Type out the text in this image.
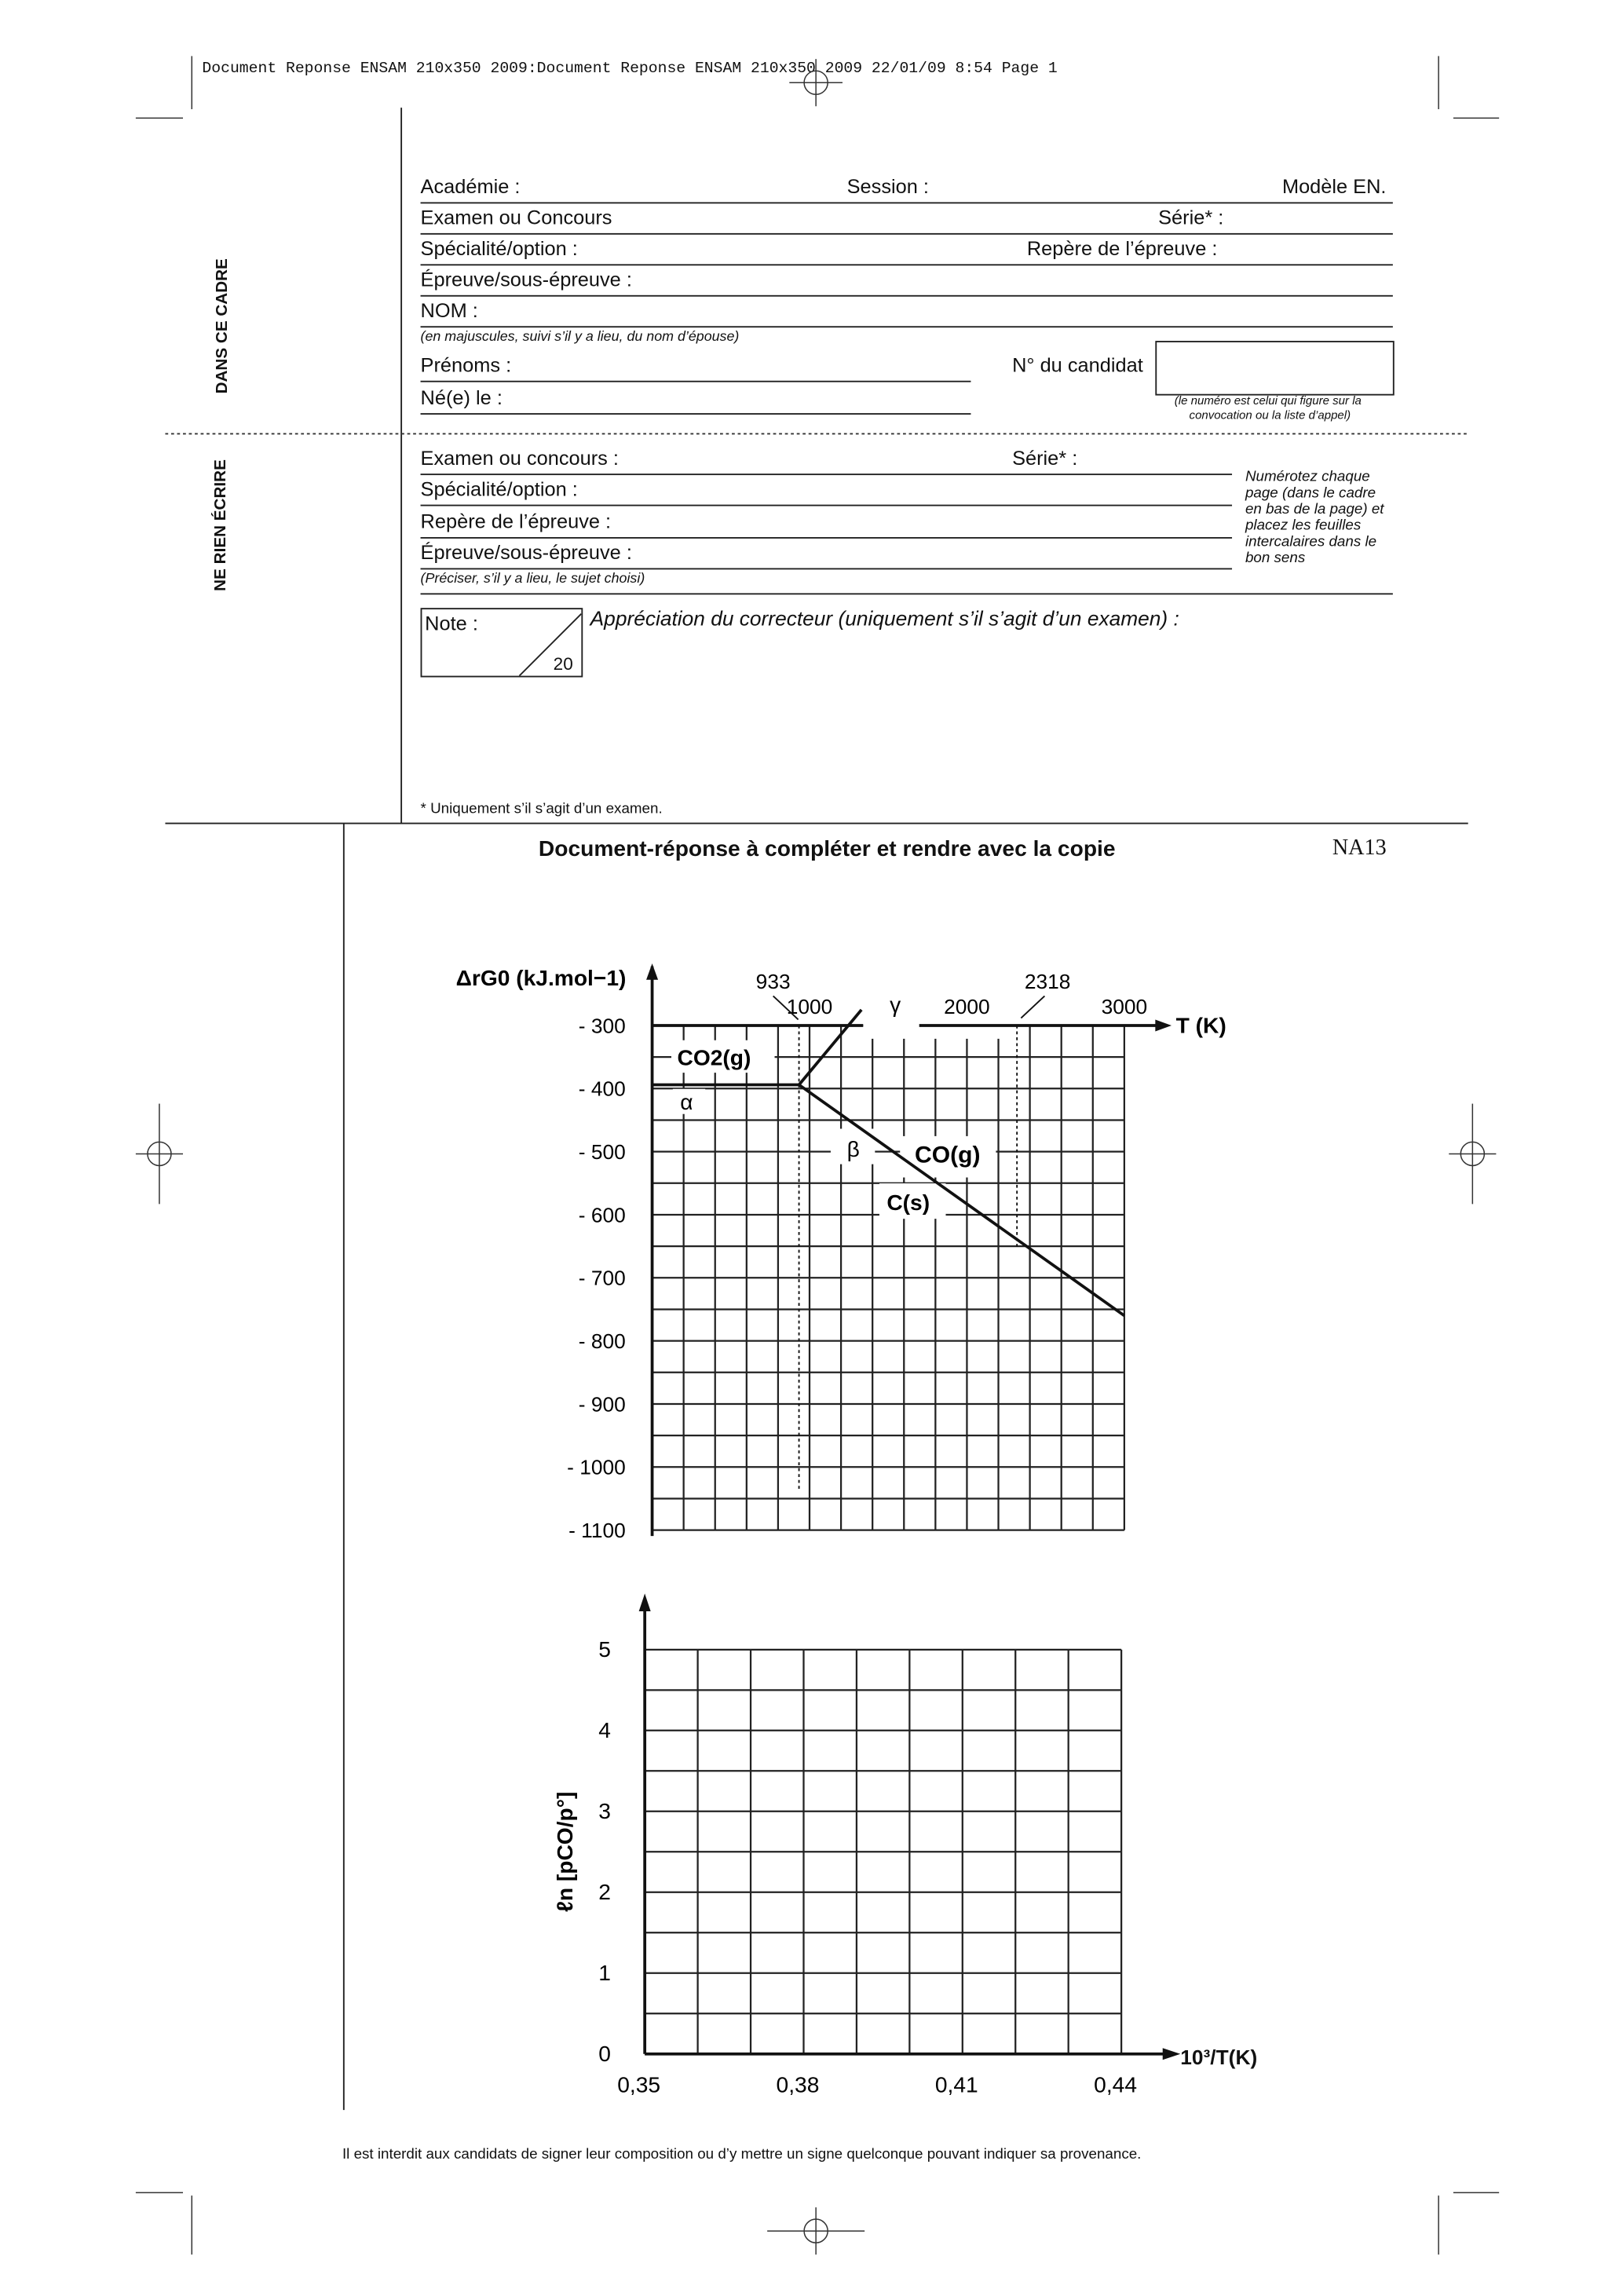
Document Reponse ENSAM 210x350 2009:Document Reponse ENSAM 210x350 2009 22/01/09 8:54 Page 1
DANS CE CADRE
NE RIEN ÉCRIRE
Académie :	Session :	Modèle EN.
Examen ou Concours	Série* :
Spécialité/option :	Repère de l’épreuve :
Épreuve/sous-épreuve :
NOM :
(en majuscules, suivi s’il y a lieu, du nom d’épouse)
Prénoms :
Né(e) le :
N° du candidat
(le numéro est celui qui figure sur la
convocation ou la liste d’appel)
Examen ou concours :	Série* :
Spécialité/option :
Repère de l’épreuve :
Épreuve/sous-épreuve :
(Préciser, s’il y a lieu, le sujet choisi)
Numérotez chaque
page (dans le cadre
en bas de la page) et
placez les feuilles
intercalaires dans le
bon sens
Note :
20
Appréciation du correcteur (uniquement s’il s’agit d’un examen) :
* Uniquement s’il s’agit d’un examen.
Document-réponse à compléter et rendre avec la copie	NA13
- 300
- 400
- 500
- 600
- 700
- 800
- 900
- 1000
- 1100
1000	2000	3000
ΔrG0 (kJ.mol−1)
T (K)
933	2318
CO2(g)
α
β
γ
CO(g)
C(s)
0
1
2
3
4
5
0,35	0,38	0,41	0,44
ℓn [pCO/p°]
10³/T(K)
Il est interdit aux candidats de signer leur composition ou d’y mettre un signe quelconque pouvant indiquer sa provenance.
